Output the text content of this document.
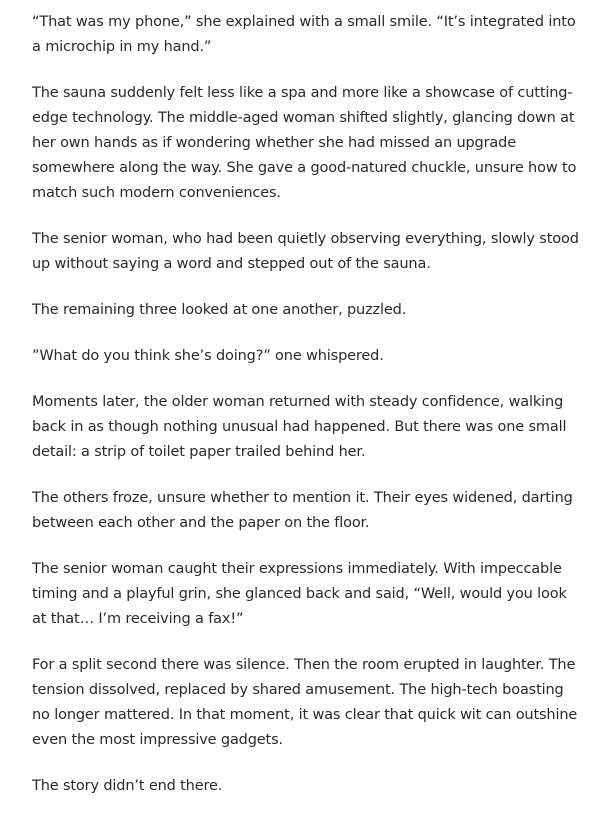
“That was my phone,” she explained with a small smile. “It’s integrated into a microchip in my hand.”

The sauna suddenly felt less like a spa and more like a showcase of cutting-edge technology. The middle-aged woman shifted slightly, glancing down at her own hands as if wondering whether she had missed an upgrade somewhere along the way. She gave a good-natured chuckle, unsure how to match such modern conveniences.

The senior woman, who had been quietly observing everything, slowly stood up without saying a word and stepped out of the sauna.

The remaining three looked at one another, puzzled.

”What do you think she’s doing?” one whispered.

Moments later, the older woman returned with steady confidence, walking back in as though nothing unusual had happened. But there was one small detail: a strip of toilet paper trailed behind her.

The others froze, unsure whether to mention it. Their eyes widened, darting between each other and the paper on the floor.

The senior woman caught their expressions immediately. With impeccable timing and a playful grin, she glanced back and said, “Well, would you look at that… I’m receiving a fax!”

For a split second there was silence. Then the room erupted in laughter. The tension dissolved, replaced by shared amusement. The high-tech boasting no longer mattered. In that moment, it was clear that quick wit can outshine even the most impressive gadgets.

The story didn’t end there.
